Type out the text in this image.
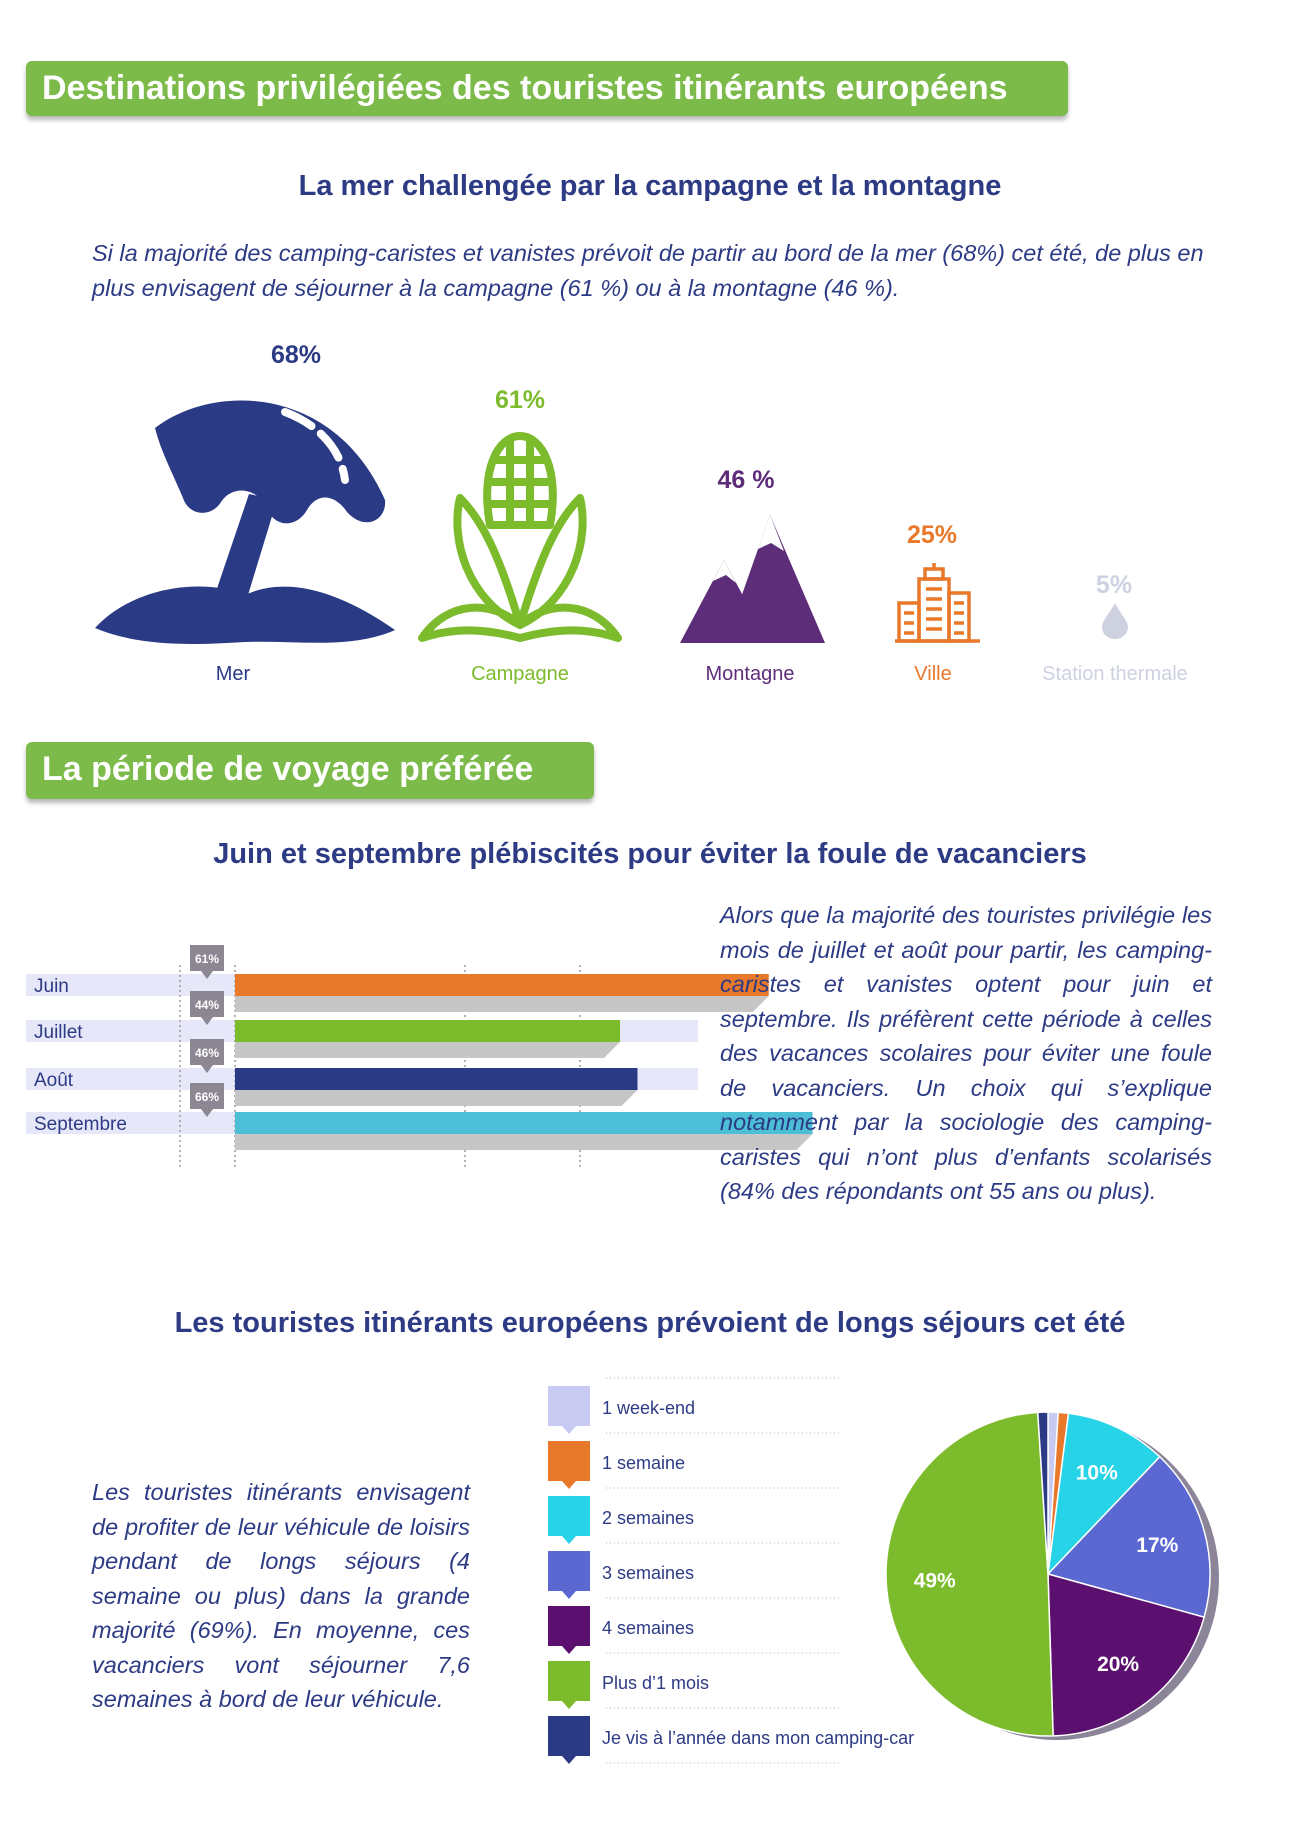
Destinations privilégiées des touristes itinérants européens
La mer challengée par la campagne et la montagne

Si la majorité des camping-caristes et vanistes prévoit de partir au bord de la mer (68%) cet été, de plus en plus envisagent de séjourner à la campagne (61 %) ou à la montagne (46 %).

68%
61%
46 %
25%
5%
Mer	Campagne	Montagne	Ville	Station thermale
La période de voyage préférée
Juin et septembre plébiscités pour éviter la foule de vacanciers
Juin
61%
Juillet
44%
Août
46%
Septembre
66%

Alors que la majorité des touristes privilégie les mois de juillet et août pour partir, les camping-caristes et vanistes optent pour juin et septembre. Ils préfèrent cette période à celles des vacances scolaires pour éviter une foule de vacanciers. Un choix qui s’explique notamment par la sociologie des camping-caristes qui n’ont plus d’enfants scolarisés (84% des répondants ont 55 ans ou plus).

Les touristes itinérants européens prévoient de longs séjours cet été

Les touristes itinérants envisagent de profiter de leur véhicule de loisirs pendant de longs séjours (4 semaine ou plus) dans la grande majorité (69%). En moyenne, ces vacanciers vont séjourner 7,6 semaines à bord de leur véhicule.

1 week-end
1 semaine
2 semaines
3 semaines
4 semaines
Plus d’1 mois
Je vis à l’année dans mon camping-car
10%
17%
20%
49%
